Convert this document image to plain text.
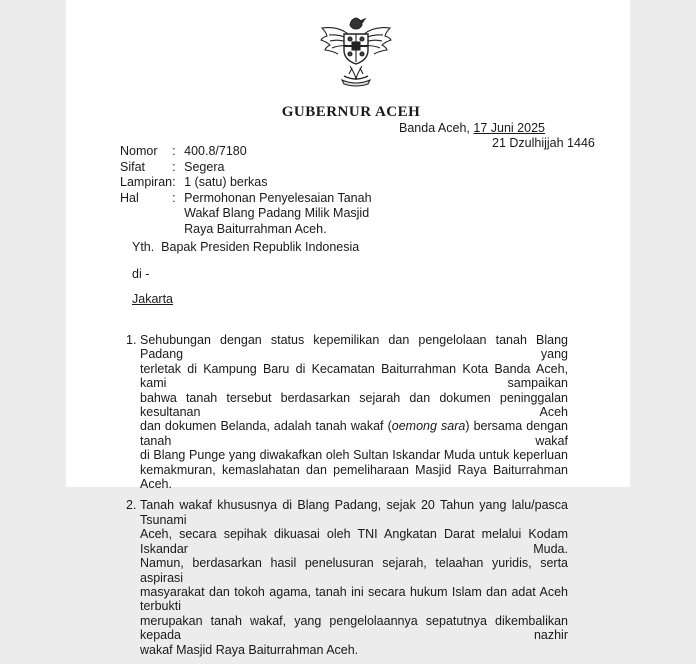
GUBERNUR ACEH
Banda Aceh, 17 Juni 2025
21 Dzulhijjah 1446
Nomor	:	400.8/7180
Sifat	:	Segera
Lampiran	:	1 (satu) berkas
Hal	:	Permohonan Penyelesaian Tanah
		Wakaf Blang Padang Milik Masjid
		Raya Baiturrahman Aceh.
Yth.  Bapak Presiden Republik Indonesia
di -
Jakarta
1. Sehubungan dengan status kepemilikan dan pengelolaan tanah Blang Padang yang
terletak di Kampung Baru di Kecamatan Baiturrahman Kota Banda Aceh, kami sampaikan
bahwa tanah tersebut berdasarkan sejarah dan dokumen peninggalan kesultanan Aceh
dan dokumen Belanda, adalah tanah wakaf (oemong sara) bersama dengan tanah wakaf
di Blang Punge yang diwakafkan oleh Sultan Iskandar Muda untuk keperluan
kemakmuran, kemaslahatan dan pemeliharaan Masjid Raya Baiturrahman Aceh.
2. Tanah wakaf khususnya di Blang Padang, sejak 20 Tahun yang lalu/pasca Tsunami
Aceh, secara sepihak dikuasai oleh TNI Angkatan Darat melalui Kodam Iskandar Muda.
Namun, berdasarkan hasil penelusuran sejarah, telaahan yuridis, serta aspirasi
masyarakat dan tokoh agama, tanah ini secara hukum Islam dan adat Aceh terbukti
merupakan tanah wakaf, yang pengelolaannya sepatutnya dikembalikan kepada nazhir
wakaf Masjid Raya Baiturrahman Aceh.
